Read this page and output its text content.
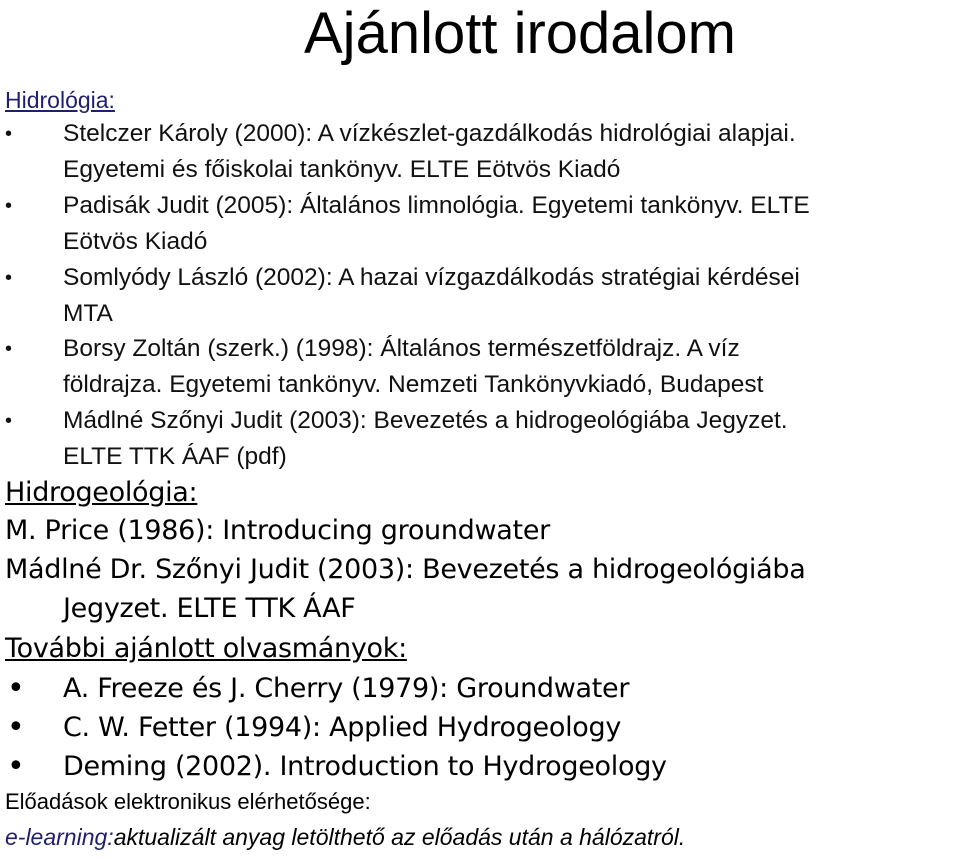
Ajánlott irodalom
Hidrológia:
• Stelczer Károly (2000): A vízkészlet-gazdálkodás hidrológiai alapjai.
Egyetemi és főiskolai tankönyv. ELTE Eötvös Kiadó
• Padisák Judit (2005): Általános limnológia. Egyetemi tankönyv. ELTE
Eötvös Kiadó
• Somlyódy László (2002): A hazai vízgazdálkodás stratégiai kérdései
MTA
• Borsy Zoltán (szerk.) (1998): Általános természetföldrajz. A víz
földrajza. Egyetemi tankönyv. Nemzeti Tankönyvkiadó, Budapest
• Mádlné Szőnyi Judit (2003): Bevezetés a hidrogeológiába Jegyzet.
ELTE TTK ÁAF (pdf)
Hidrogeológia:
M. Price (1986): Introducing groundwater
Mádlné Dr. Szőnyi Judit (2003): Bevezetés a hidrogeológiába
Jegyzet. ELTE TTK ÁAF
További ajánlott olvasmányok:
• A. Freeze és J. Cherry (1979): Groundwater
• C. W. Fetter (1994): Applied Hydrogeology
• Deming (2002). Introduction to Hydrogeology
Előadások elektronikus elérhetősége:
e-learning:aktualizált anyag letölthető az előadás után a hálózatról.
